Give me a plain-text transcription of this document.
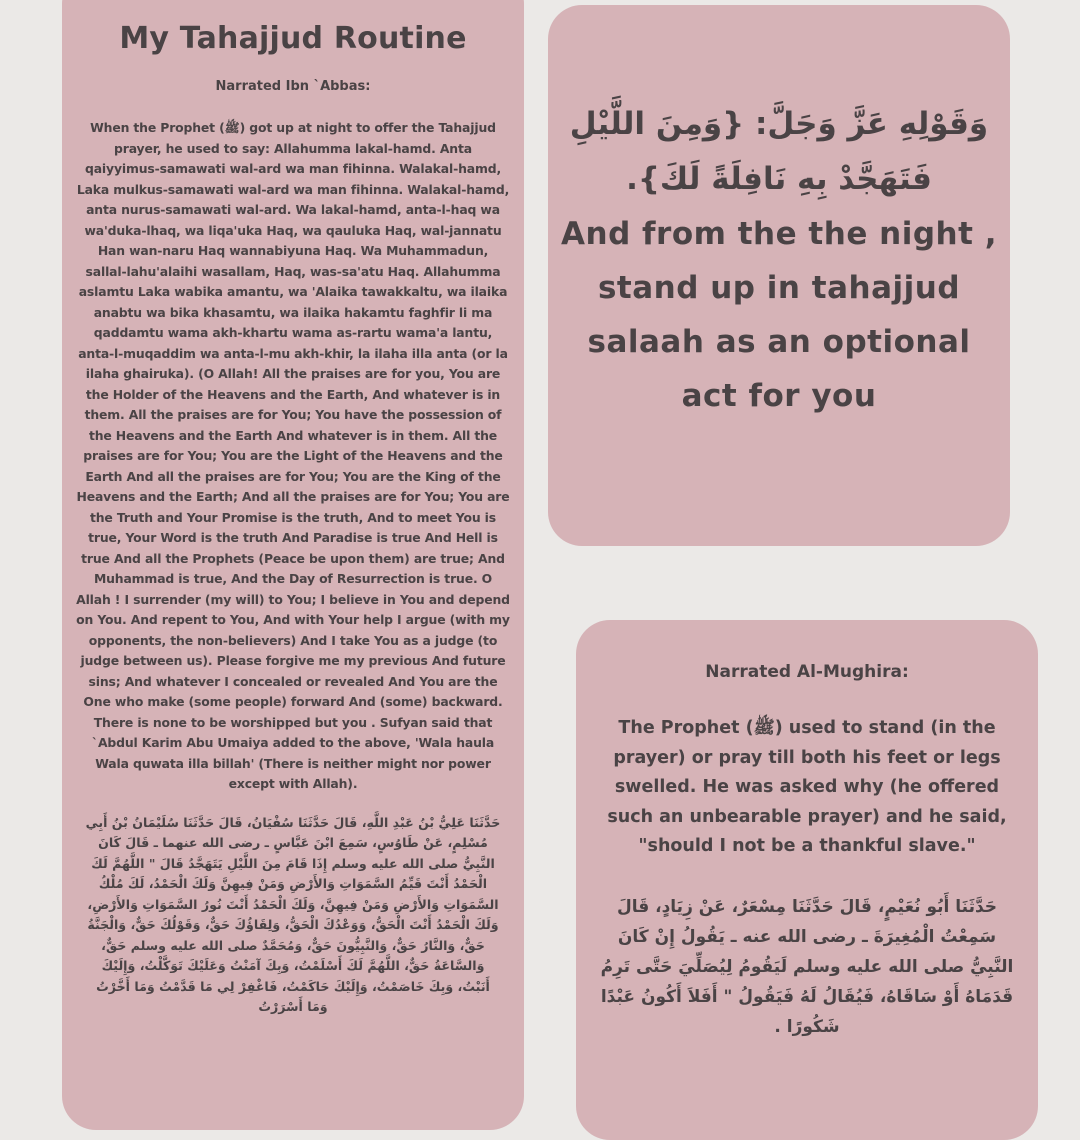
My Tahajjud Routine

Narrated Ibn `Abbas:

When the Prophet (ﷺ) got up at night to offer the Tahajjud prayer, he used to say: Allahumma lakal-hamd. Anta qaiyyimus-samawati wal-ard wa man fihinna. Walakal-hamd, Laka mulkus-samawati wal-ard wa man fihinna. Walakal-hamd, anta nurus-samawati wal-ard. Wa lakal-hamd, anta-l-haq wa wa'duka-lhaq, wa liqa'uka Haq, wa qauluka Haq, wal-jannatu Han wan-naru Haq wannabiyuna Haq. Wa Muhammadun, sallal-lahu'alaihi wasallam, Haq, was-sa'atu Haq. Allahumma aslamtu Laka wabika amantu, wa 'Alaika tawakkaltu, wa ilaika anabtu wa bika khasamtu, wa ilaika hakamtu faghfir li ma qaddamtu wama akh-khartu wama as-rartu wama'a lantu, anta-l-muqaddim wa anta-l-mu akh-khir, la ilaha illa anta (or la ilaha ghairuka). (O Allah! All the praises are for you, You are the Holder of the Heavens and the Earth, And whatever is in them. All the praises are for You; You have the possession of the Heavens and the Earth And whatever is in them. All the praises are for You; You are the Light of the Heavens and the Earth And all the praises are for You; You are the King of the Heavens and the Earth; And all the praises are for You; You are the Truth and Your Promise is the truth, And to meet You is true, Your Word is the truth And Paradise is true And Hell is true And all the Prophets (Peace be upon them) are true; And Muhammad is true, And the Day of Resurrection is true. O Allah ! I surrender (my will) to You; I believe in You and depend on You. And repent to You, And with Your help I argue (with my opponents, the non-believers) And I take You as a judge (to judge between us). Please forgive me my previous And future sins; And whatever I concealed or revealed And You are the One who make (some people) forward And (some) backward. There is none to be worshipped but you . Sufyan said that `Abdul Karim Abu Umaiya added to the above, 'Wala haula Wala quwata illa billah' (There is neither might nor power except with Allah).

حَدَّثَنَا عَلِيُّ بْنُ عَبْدِ اللَّهِ، قَالَ حَدَّثَنَا سُفْيَانُ، قَالَ حَدَّثَنَا سُلَيْمَانُ بْنُ أَبِي مُسْلِمٍ، عَنْ طَاوُسٍ، سَمِعَ ابْنَ عَبَّاسٍ ـ رضى الله عنهما ـ قَالَ كَانَ النَّبِيُّ صلى الله عليه وسلم إِذَا قَامَ مِنَ اللَّيْلِ يَتَهَجَّدُ قَالَ " اللَّهُمَّ لَكَ الْحَمْدُ أَنْتَ قَيِّمُ السَّمَوَاتِ وَالأَرْضِ وَمَنْ فِيهِنَّ وَلَكَ الْحَمْدُ، لَكَ مُلْكُ السَّمَوَاتِ وَالأَرْضِ وَمَنْ فِيهِنَّ، وَلَكَ الْحَمْدُ أَنْتَ نُورُ السَّمَوَاتِ وَالأَرْضِ، وَلَكَ الْحَمْدُ أَنْتَ الْحَقُّ، وَوَعْدُكَ الْحَقُّ، وَلِقَاؤُكَ حَقٌّ، وَقَوْلُكَ حَقٌّ، وَالْجَنَّةُ حَقٌّ، وَالنَّارُ حَقٌّ، وَالنَّبِيُّونَ حَقٌّ، وَمُحَمَّدٌ صلى الله عليه وسلم حَقٌّ، وَالسَّاعَةُ حَقٌّ، اللَّهُمَّ لَكَ أَسْلَمْتُ، وَبِكَ آمَنْتُ وَعَلَيْكَ تَوَكَّلْتُ، وَإِلَيْكَ أَنَبْتُ، وَبِكَ خَاصَمْتُ، وَإِلَيْكَ حَاكَمْتُ، فَاغْفِرْ لِي مَا قَدَّمْتُ وَمَا أَخَّرْتُ وَمَا أَسْرَرْتُ

وَقَوْلِهِ عَزَّ وَجَلَّ: {وَمِنَ اللَّيْلِ فَتَهَجَّدْ بِهِ نَافِلَةً لَكَ}.

And from the the night , stand up in tahajjud salaah as an optional act for you

Narrated Al-Mughira:

The Prophet (ﷺ) used to stand (in the prayer) or pray till both his feet or legs swelled. He was asked why (he offered such an unbearable prayer) and he said, "should I not be a thankful slave."

حَدَّثَنَا أَبُو نُعَيْمٍ، قَالَ حَدَّثَنَا مِسْعَرٌ، عَنْ زِيَادٍ، قَالَ سَمِعْتُ الْمُغِيرَةَ ـ رضى الله عنه ـ يَقُولُ إِنْ كَانَ النَّبِيُّ صلى الله عليه وسلم لَيَقُومُ لِيُصَلِّيَ حَتَّى تَرِمُ قَدَمَاهُ أَوْ سَاقَاهُ، فَيُقَالُ لَهُ فَيَقُولُ " أَفَلاَ أَكُونُ عَبْدًا شَكُورًا .
